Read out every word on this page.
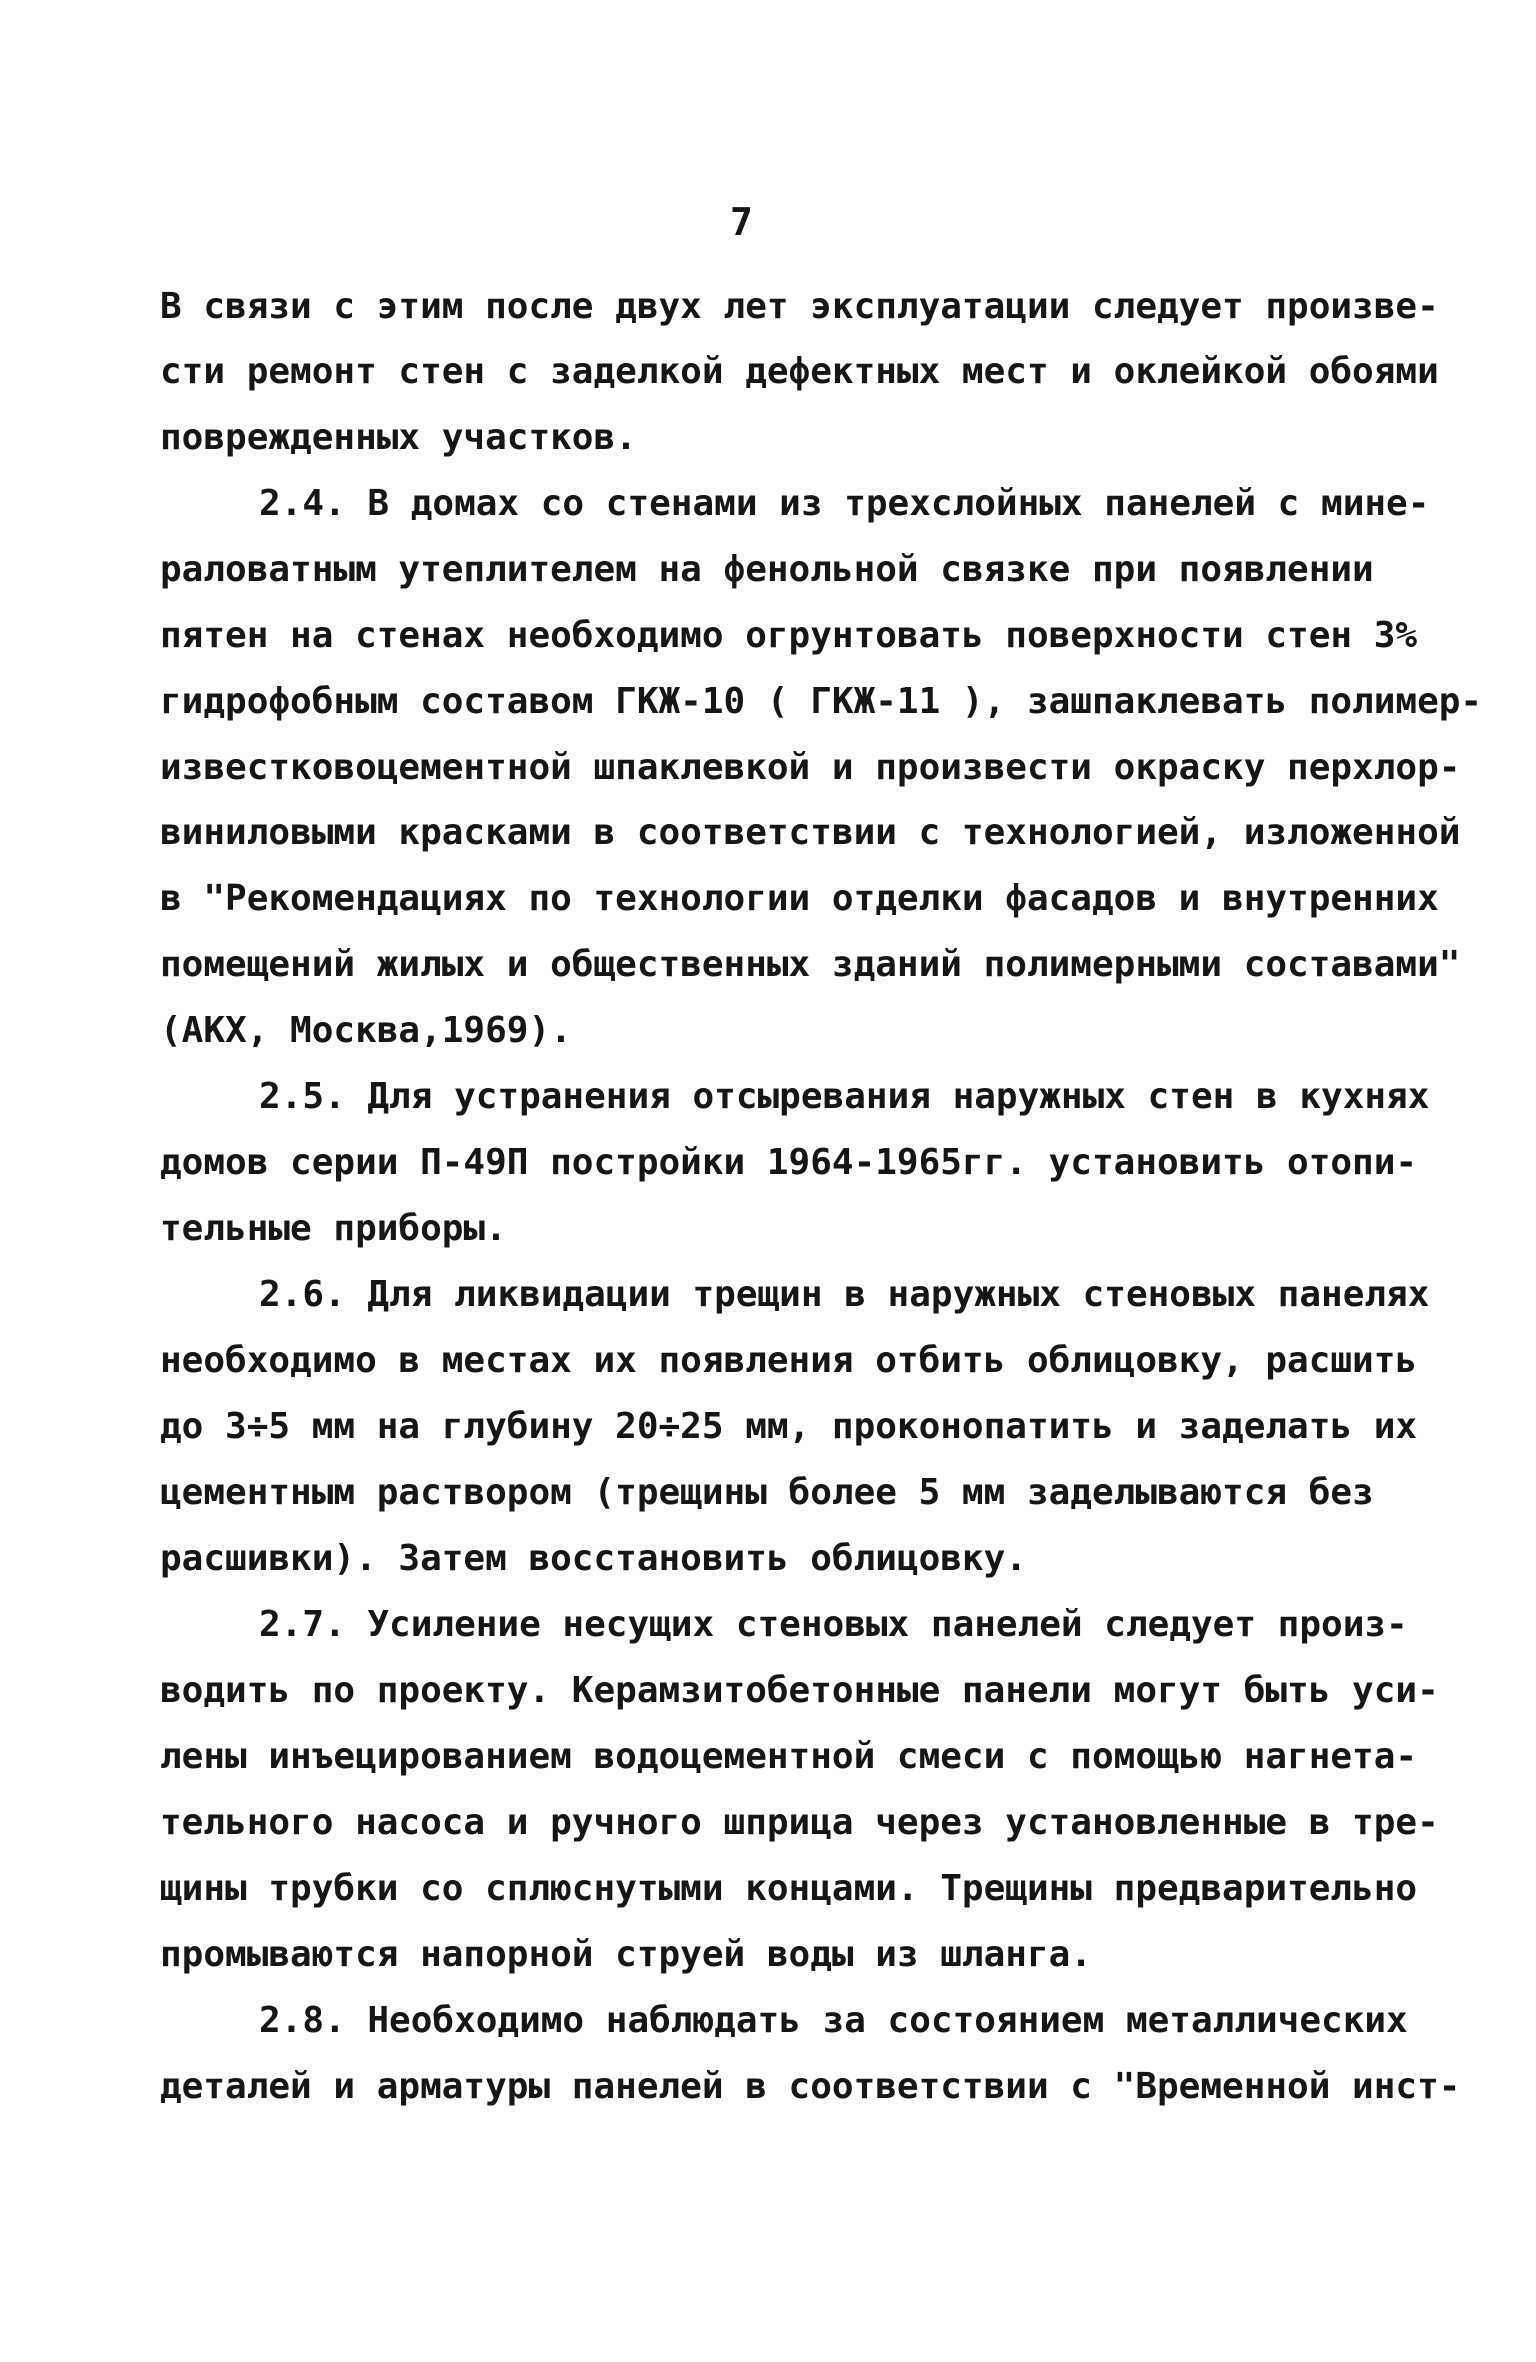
7
В связи с этим после двух лет эксплуатации следует произве-
сти ремонт стен с заделкой дефектных мест и оклейкой обоями
поврежденных участков.
2.4. В домах со стенами из трехслойных панелей с мине-
раловатным утеплителем на фенольной связке при появлении
пятен на стенах необходимо огрунтовать поверхности стен 3%
гидрофобным составом ГКЖ-10 ( ГКЖ-11 ), зашпаклевать полимер-
известковоцементной шпаклевкой и произвести окраску перхлор-
виниловыми красками в соответствии с технологией, изложенной
в "Рекомендациях по технологии отделки фасадов и внутренних
помещений жилых и общественных зданий полимерными составами"
(АКХ, Москва,1969).
2.5. Для устранения отсыревания наружных стен в кухнях
домов серии П-49П постройки 1964-1965гг. установить отопи-
тельные приборы.
2.6. Для ликвидации трещин в наружных стеновых панелях
необходимо в местах их появления отбить облицовку, расшить
до 3÷5 мм на глубину 20÷25 мм, проконопатить и заделать их
цементным раствором (трещины более 5 мм заделываются без
расшивки). Затем восстановить облицовку.
2.7. Усиление несущих стеновых панелей следует произ-
водить по проекту. Керамзитобетонные панели могут быть уси-
лены инъецированием водоцементной смеси с помощью нагнета-
тельного насоса и ручного шприца через установленные в тре-
щины трубки со сплюснутыми концами. Трещины предварительно
промываются напорной струей воды из шланга.
2.8. Необходимо наблюдать за состоянием металлических
деталей и арматуры панелей в соответствии с "Временной инст-
